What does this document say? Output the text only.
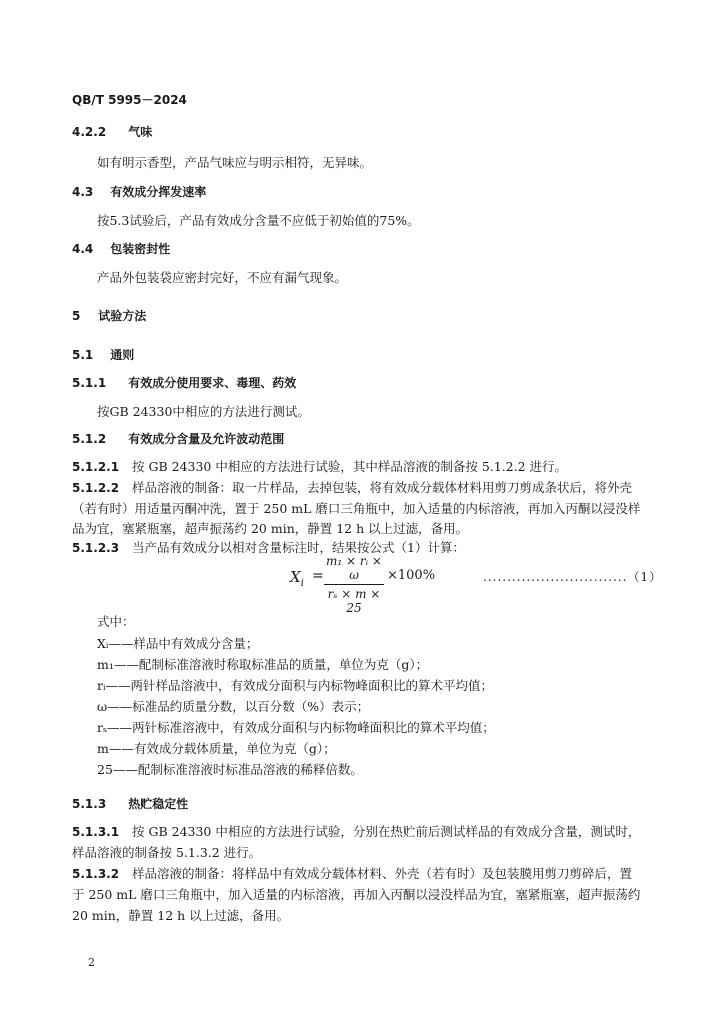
QB/T 5995－2024
4.2.2 气味
如有明示香型，产品气味应与明示相符，无异味。
4.3 有效成分挥发速率
按5.3试验后，产品有效成分含量不应低于初始值的75%。
4.4 包装密封性
产品外包装袋应密封完好，不应有漏气现象。
5 试验方法
5.1 通则
5.1.1 有效成分使用要求、毒理、药效
按GB 24330中相应的方法进行测试。
5.1.2 有效成分含量及允许波动范围
5.1.2.1 按 GB 24330 中相应的方法进行试验，其中样品溶液的制备按 5.1.2.2 进行。
5.1.2.2 样品溶液的制备：取一片样品，去掉包装，将有效成分载体材料用剪刀剪成条状后，将外壳
（若有时）用适量丙酮冲洗，置于 250 mL 磨口三角瓶中，加入适量的内标溶液，再加入丙酮以浸没样
品为宜，塞紧瓶塞，超声振荡约 20 min，静置 12 h 以上过滤，备用。
5.1.2.3 当产品有效成分以相对含量标注时，结果按公式（1）计算：
$X_i$ =
m₁ × rᵢ × ω
rₛ × m × 25
×100%	..............................（1）
式中：
Xᵢ——样品中有效成分含量；
m₁——配制标准溶液时称取标准品的质量，单位为克（g）；
rᵢ——两针样品溶液中，有效成分面积与内标物峰面积比的算术平均值；
ω——标准品约质量分数，以百分数（%）表示；
rₛ——两针标准溶液中，有效成分面积与内标物峰面积比的算术平均值；
m——有效成分载体质量，单位为克（g）；
25——配制标准溶液时标准品溶液的稀释倍数。
5.1.3 热贮稳定性
5.1.3.1 按 GB 24330 中相应的方法进行试验，分别在热贮前后测试样品的有效成分含量，测试时，
样品溶液的制备按 5.1.3.2 进行。
5.1.3.2 样品溶液的制备：将样品中有效成分载体材料、外壳（若有时）及包装膜用剪刀剪碎后，置
于 250 mL 磨口三角瓶中，加入适量的内标溶液，再加入丙酮以浸没样品为宜，塞紧瓶塞，超声振荡约
20 min，静置 12 h 以上过滤，备用。
2
